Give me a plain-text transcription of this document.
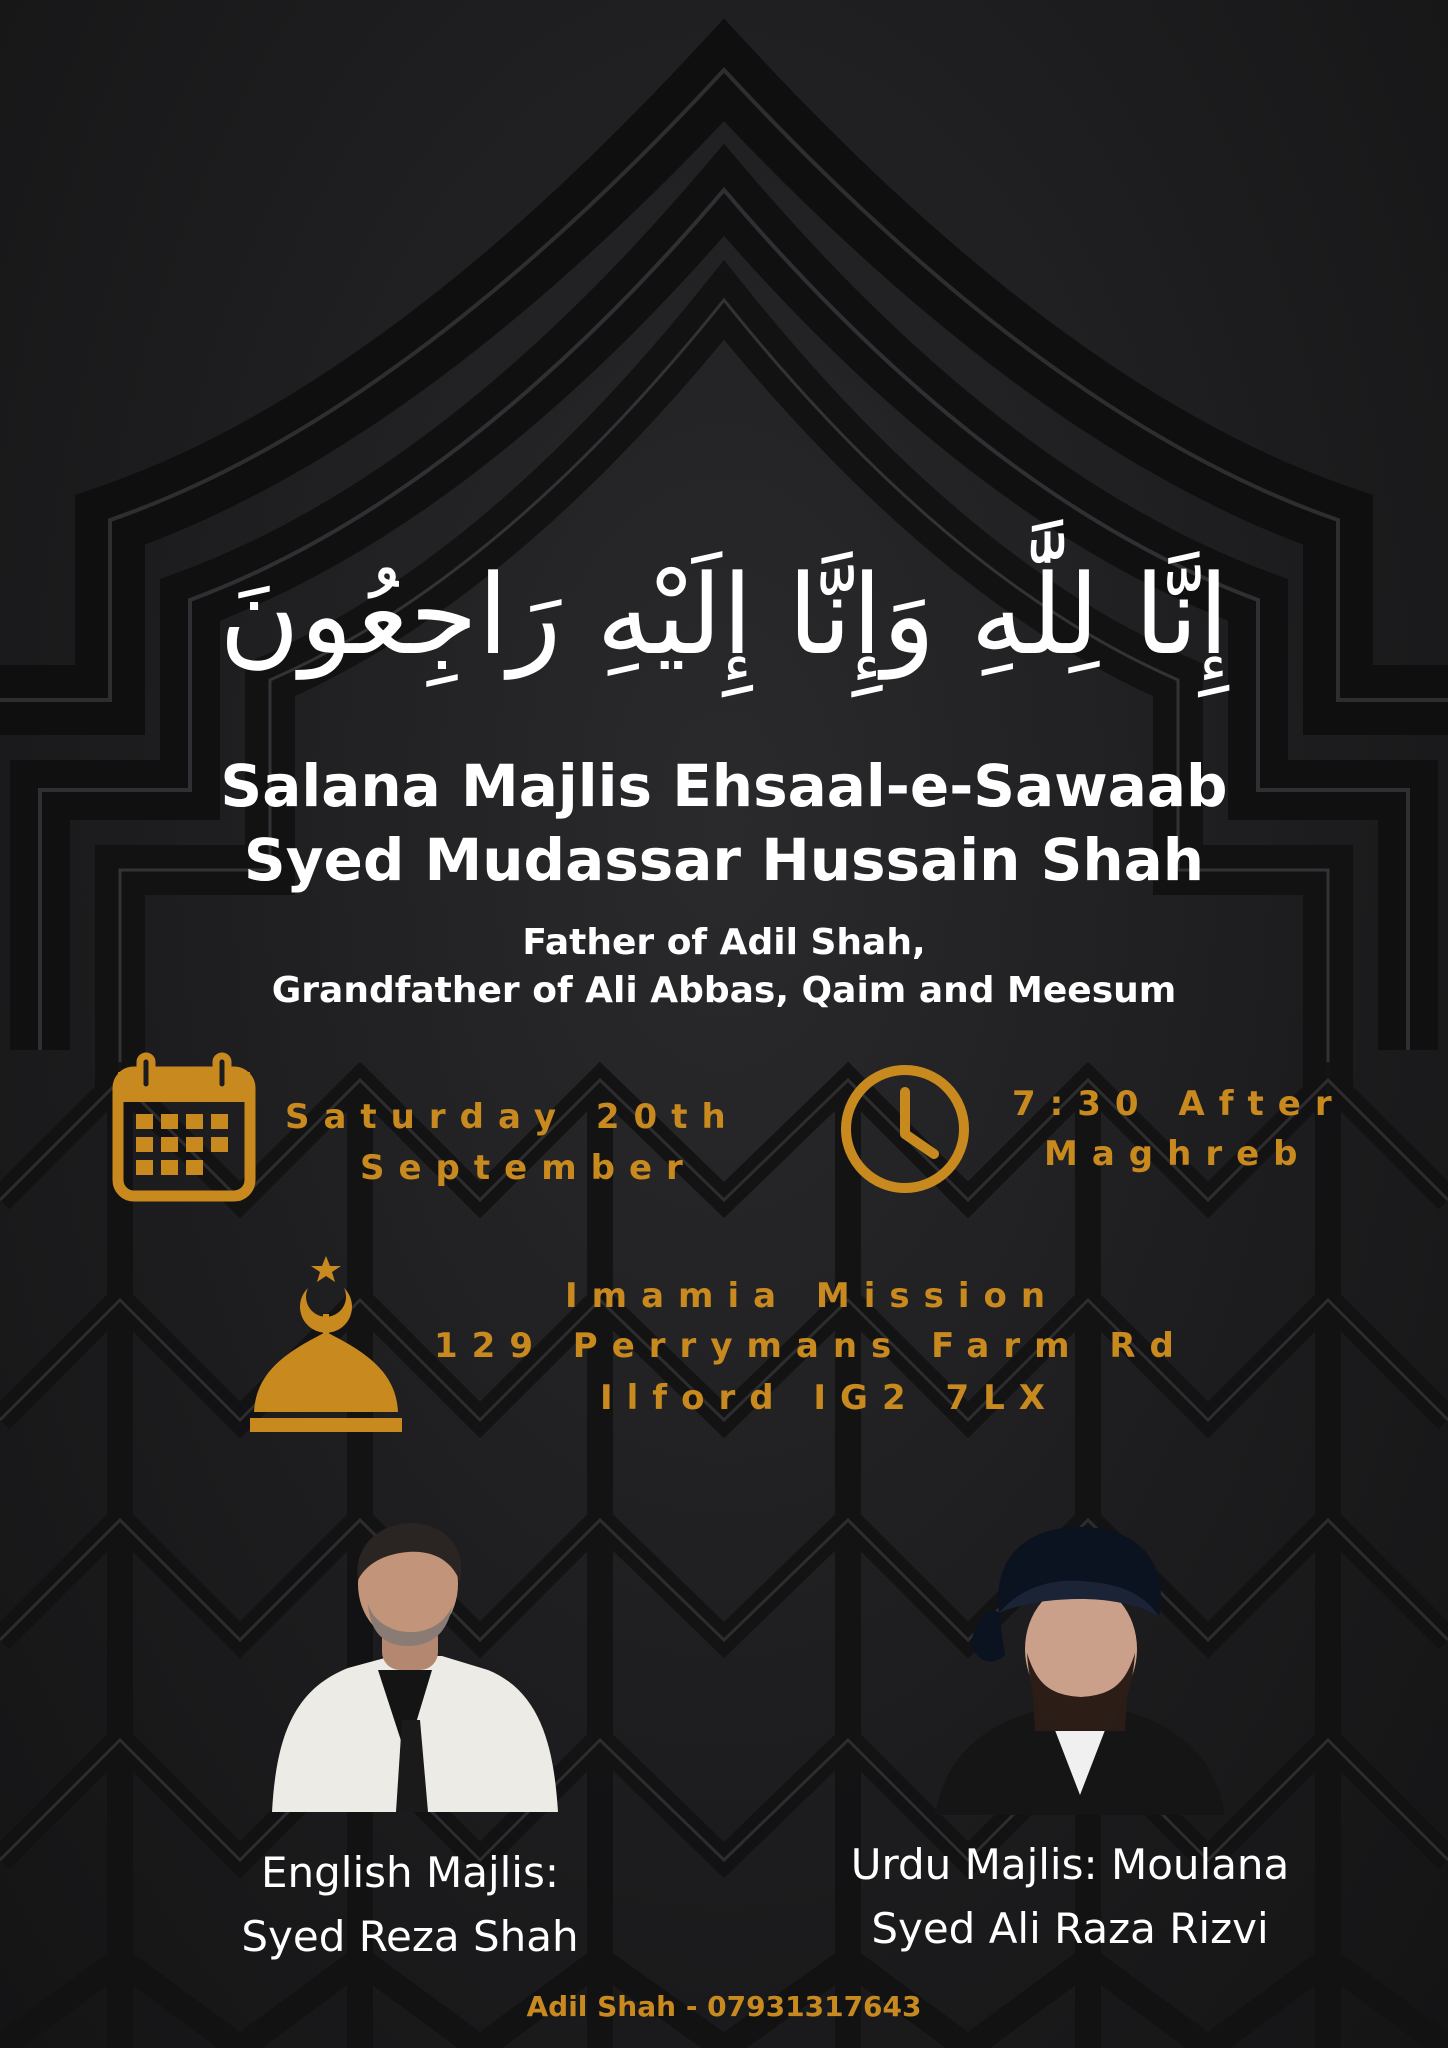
إِنَّا لِلَّٰهِ وَإِنَّا إِلَيْهِ رَاجِعُونَ
Salana Majlis Ehsaal-e-Sawaab
Syed Mudassar Hussain Shah
Father of Adil Shah,
Grandfather of Ali Abbas, Qaim and Meesum
Saturday 20th
September
7:30 After
Maghreb
Imamia Mission
129 Perrymans Farm Rd
Ilford IG2 7LX
English Majlis:
Syed Reza Shah
Urdu Majlis: Moulana
Syed Ali Raza Rizvi
Adil Shah - 07931317643
